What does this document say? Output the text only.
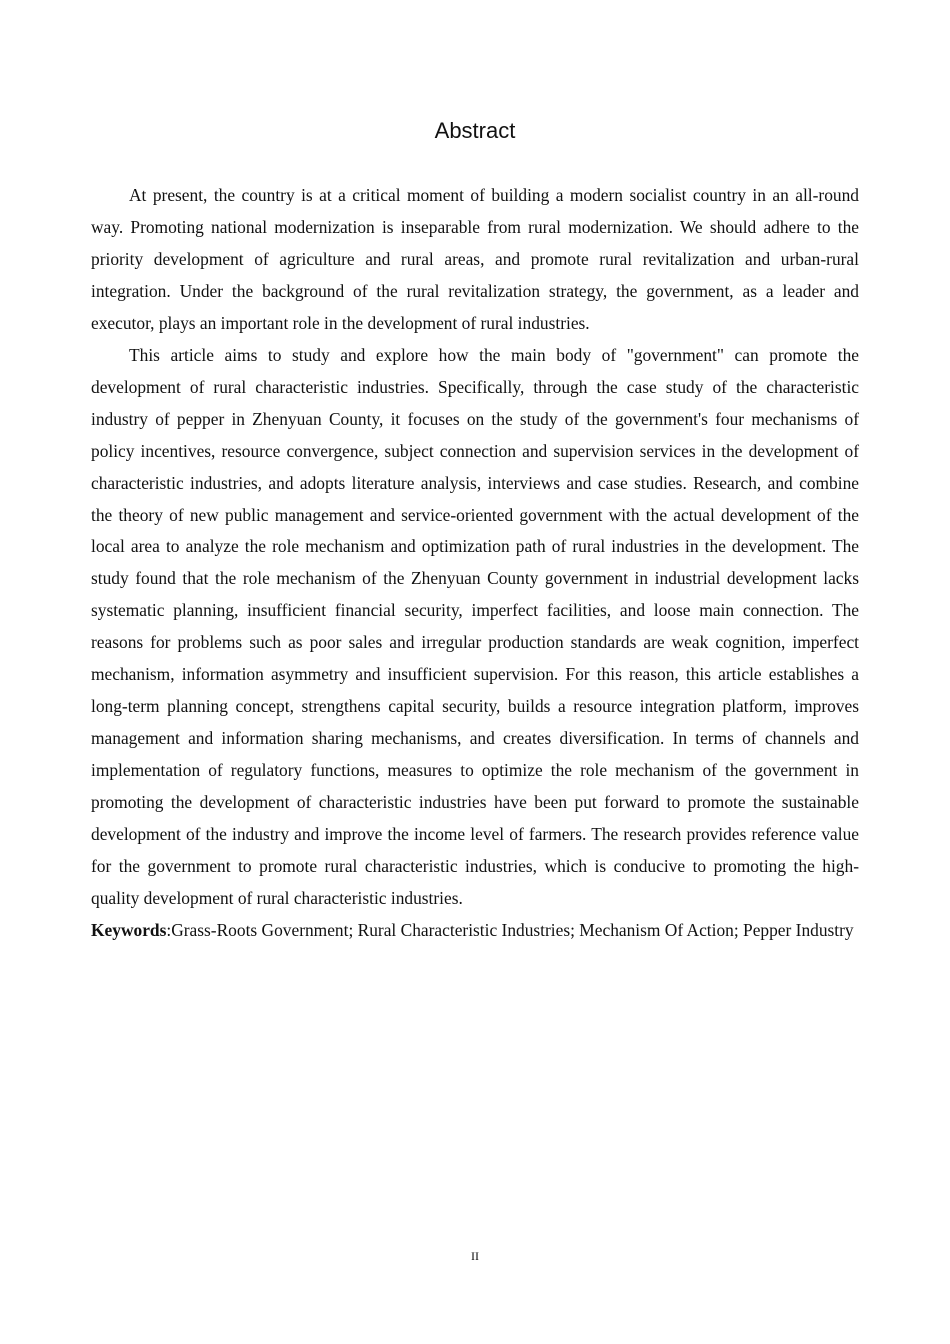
Abstract

At present, the country is at a critical moment of building a modern socialist country in an all-round way. Promoting national modernization is inseparable from rural modernization. We should adhere to the priority development of agriculture and rural areas, and promote rural revitalization and urban-rural integration. Under the background of the rural revitalization strategy, the government, as a leader and executor, plays an important role in the development of rural industries.

This article aims to study and explore how the main body of "government" can promote the development of rural characteristic industries. Specifically, through the case study of the characteristic industry of pepper in Zhenyuan County, it focuses on the study of the government's four mechanisms of policy incentives, resource convergence, subject connection and supervision services in the development of characteristic industries, and adopts literature analysis, interviews and case studies. Research, and combine the theory of new public management and service-oriented government with the actual development of the local area to analyze the role mechanism and optimization path of rural industries in the development. The study found that the role mechanism of the Zhenyuan County government in industrial development lacks systematic planning, insufficient financial security, imperfect facilities, and loose main connection. The reasons for problems such as poor sales and irregular production standards are weak cognition, imperfect mechanism, information asymmetry and insufficient supervision. For this reason, this article establishes a long-term planning concept, strengthens capital security, builds a resource integration platform, improves management and information sharing mechanisms, and creates diversification. In terms of channels and implementation of regulatory functions, measures to optimize the role mechanism of the government in promoting the development of characteristic industries have been put forward to promote the sustainable development of the industry and improve the income level of farmers. The research provides reference value for the government to promote rural characteristic industries, which is conducive to promoting the high-quality development of rural characteristic industries.

Keywords:Grass-Roots Government; Rural Characteristic Industries; Mechanism Of Action; Pepper Industry

II
